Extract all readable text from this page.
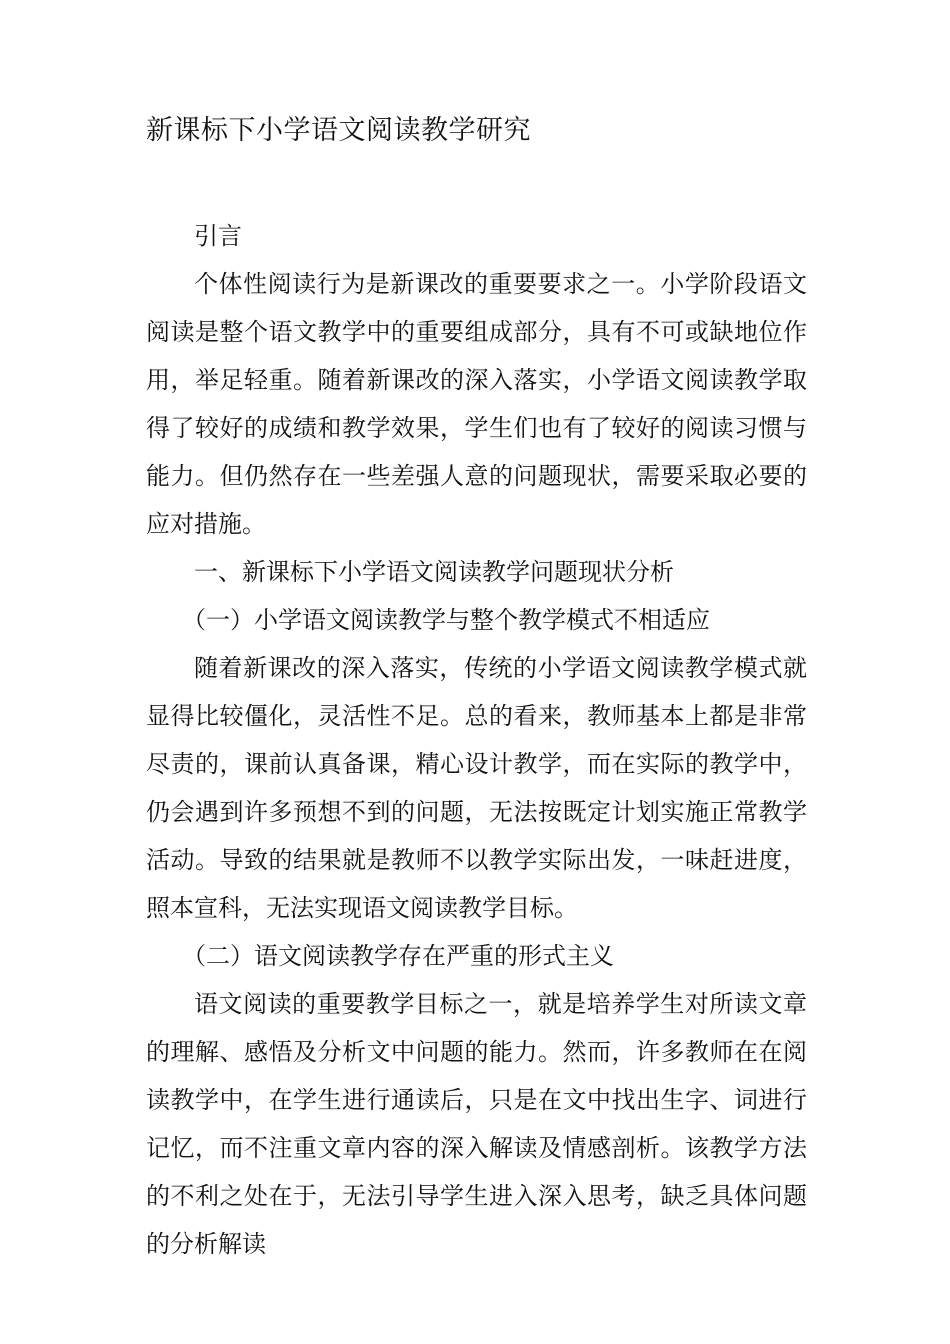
新课标下小学语文阅读教学研究

引言

个体性阅读行为是新课改的重要要求之一。小学阶段语文阅读是整个语文教学中的重要组成部分，具有不可或缺地位作用，举足轻重。随着新课改的深入落实，小学语文阅读教学取得了较好的成绩和教学效果，学生们也有了较好的阅读习惯与能力。但仍然存在一些差强人意的问题现状，需要采取必要的应对措施。

一、新课标下小学语文阅读教学问题现状分析

（一）小学语文阅读教学与整个教学模式不相适应

随着新课改的深入落实，传统的小学语文阅读教学模式就显得比较僵化，灵活性不足。总的看来，教师基本上都是非常尽责的，课前认真备课，精心设计教学，而在实际的教学中，仍会遇到许多预想不到的问题，无法按既定计划实施正常教学活动。导致的结果就是教师不以教学实际出发，一味赶进度，照本宣科，无法实现语文阅读教学目标。

（二）语文阅读教学存在严重的形式主义

语文阅读的重要教学目标之一，就是培养学生对所读文章的理解、感悟及分析文中问题的能力。然而，许多教师在在阅读教学中，在学生进行通读后，只是在文中找出生字、词进行记忆，而不注重文章内容的深入解读及情感剖析。该教学方法的不利之处在于，无法引导学生进入深入思考，缺乏具体问题的分析解读
